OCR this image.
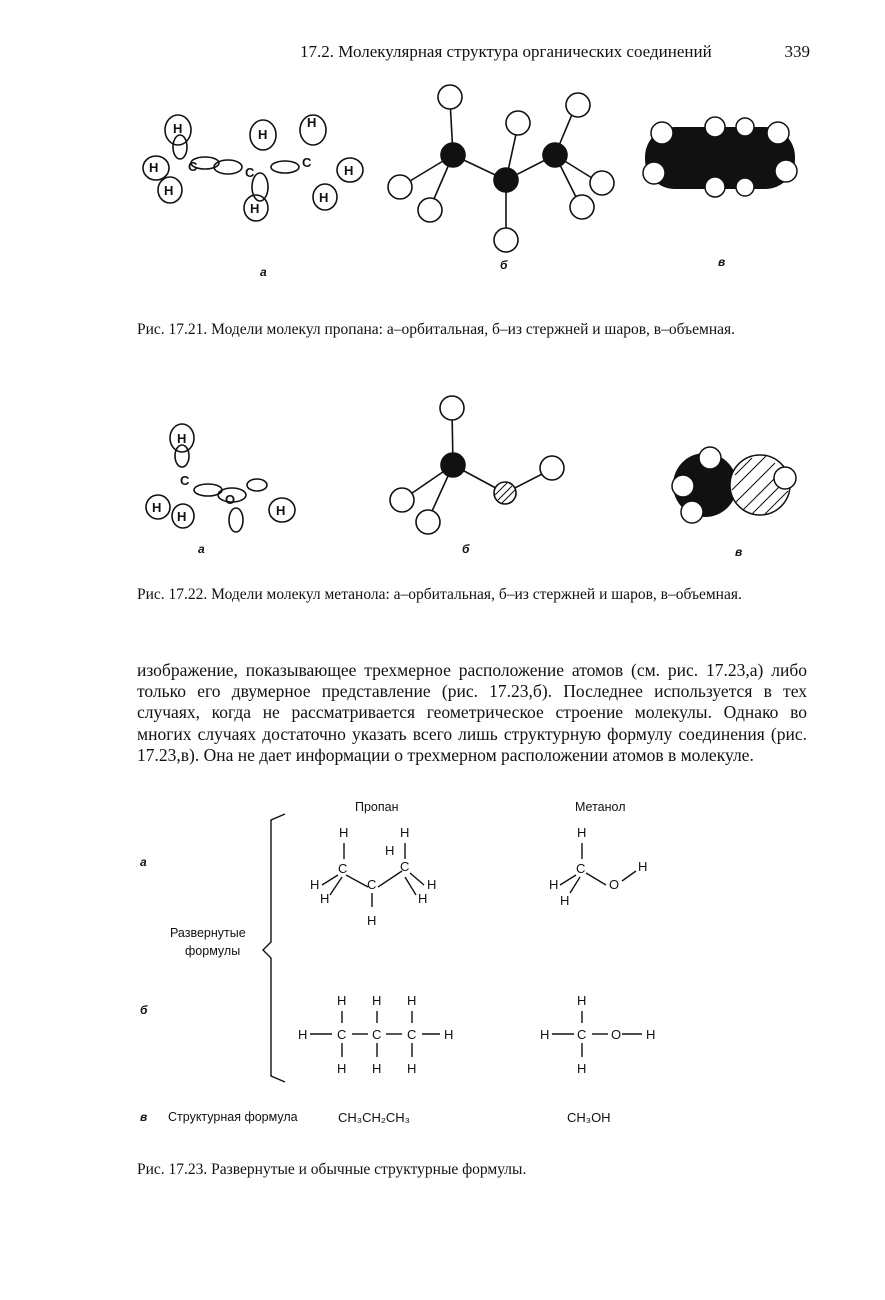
17.2. Молекулярная структура органических соединений	339
H
H
H
C
H
C
H
H
C
H
H
а	б	в
Рис. 17.21. Модели молекул пропана: а–орбитальная, б–из стержней и шаров, в–объемная.
H
C
H
H
O
H
а	б	в
Рис. 17.22. Модели молекул метанола: а–орбитальная, б–из стержней и шаров, в–объемная.
изображение, показывающее трехмерное расположение атомов (см. рис. 17.23,а) либо только его двумерное представление (рис. 17.23,б). Последнее используется в тех случаях, когда не рассматривается геометрическое строение молекулы. Однако во многих случаях достаточно указать всего лишь структурную формулу соединения (рис. 17.23,в). Она не дает информации о трехмерном расположении атомов в молекуле.
Пропан	Метанол
а
б
Развернутые
формулы
H	H
H
C	C
C
H
H
H
H
H
H
C
O
H
H
H
H H H
H C C C H
H H H
H
H C O H
H
в Структурная формула	CH₃CH₂CH₃	CH₃OH
Рис. 17.23. Развернутые и обычные структурные формулы.
